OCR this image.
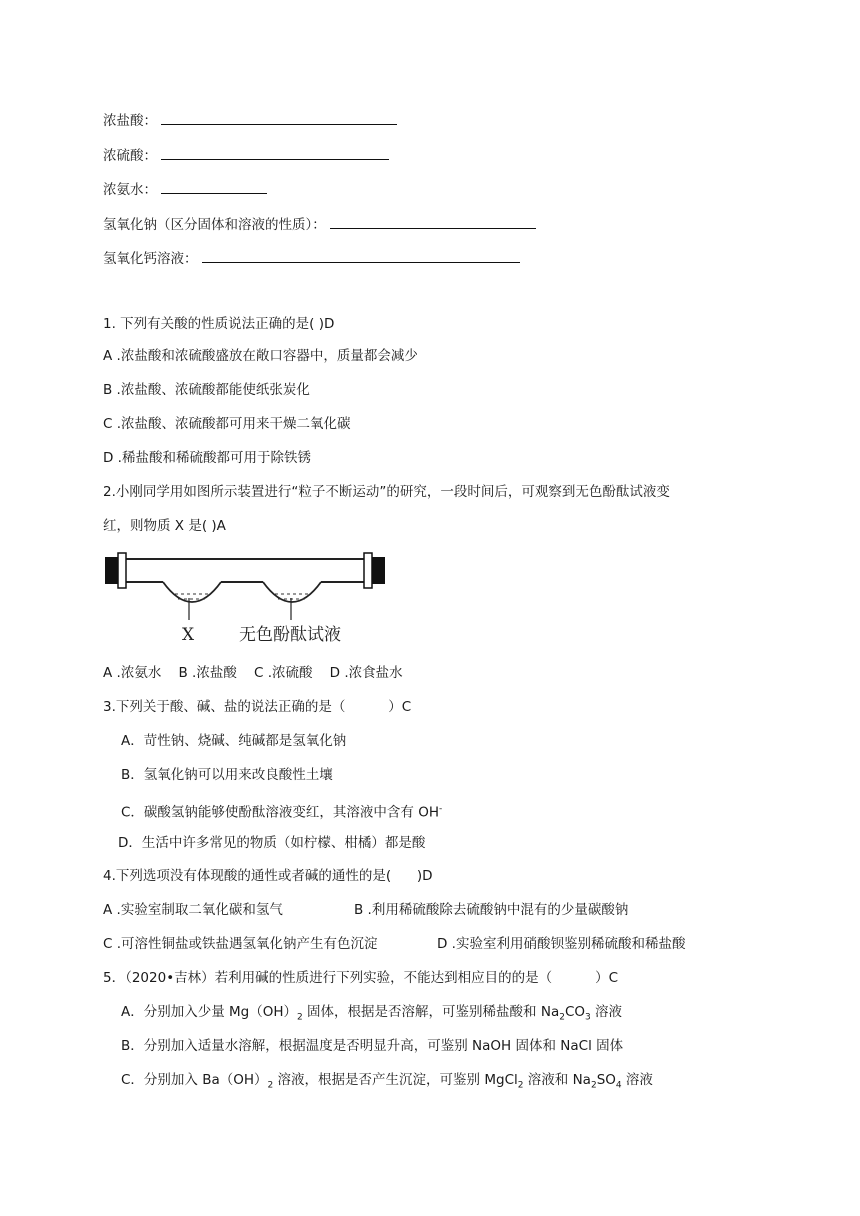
浓盐酸：
浓硫酸：
浓氨水：
氢氧化钠（区分固体和溶液的性质）：
氢氧化钙溶液：
1. 下列有关酸的性质说法正确的是( )D
A .浓盐酸和浓硫酸盛放在敞口容器中，质量都会减少
B .浓盐酸、浓硫酸都能使纸张炭化
C .浓盐酸、浓硫酸都可用来干燥二氧化碳
D .稀盐酸和稀硫酸都可用于除铁锈
2.小刚同学用如图所示装置进行“粒子不断运动”的研究，一段时间后，可观察到无色酚酞试液变
红，则物质 X 是( )A
X	无色酚酞试液
A .浓氨水    B .浓盐酸    C .浓硫酸    D .浓食盐水
3.下列关于酸、碱、盐的说法正确的是（          ）C
A．苛性钠、烧碱、纯碱都是氢氧化钠
B．氢氧化钠可以用来改良酸性土壤
C．碳酸氢钠能够使酚酞溶液变红，其溶液中含有 OH-
D．生活中许多常见的物质（如柠檬、柑橘）都是酸
4.下列选项没有体现酸的通性或者碱的通性的是(      )D
A .实验室制取二氧化碳和氢气	B .利用稀硫酸除去硫酸钠中混有的少量碳酸钠
C .可溶性铜盐或铁盐遇氢氧化钠产生有色沉淀	D .实验室利用硝酸钡鉴别稀硫酸和稀盐酸
5．（2020•吉林）若利用碱的性质进行下列实验，不能达到相应目的的是（          ）C
A．分别加入少量 $Mg(OH)_2$ 固体，根据是否溶解，可鉴别稀盐酸和 $Na_2CO_3$ 溶液
B．分别加入适量水溶解，根据温度是否明显升高，可鉴别 NaOH 固体和 NaCl 固体
C．分别加入 $Ba(OH)_2$ 溶液，根据是否产生沉淀，可鉴别 MgCl$_2$ 溶液和 $Na_2SO_4$ 溶液
